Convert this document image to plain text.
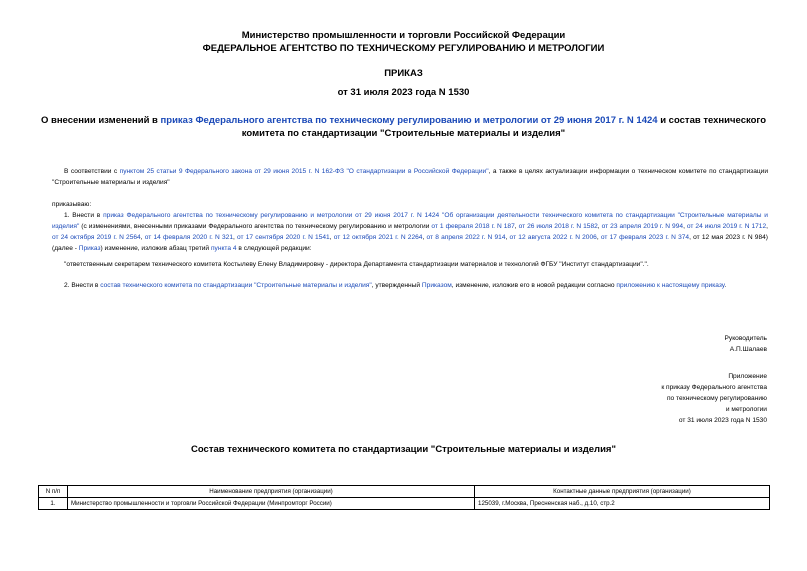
Министерство промышленности и торговли Российской Федерации
ФЕДЕРАЛЬНОЕ АГЕНТСТВО ПО ТЕХНИЧЕСКОМУ РЕГУЛИРОВАНИЮ И МЕТРОЛОГИИ
ПРИКАЗ
от 31 июля 2023 года N 1530
О внесении изменений в приказ Федерального агентства по техническому регулированию и метрологии от 29 июня 2017 г. N 1424 и состав технического комитета по стандартизации "Строительные материалы и изделия"
В соответствии с пунктом 25 статьи 9 Федерального закона от 29 июня 2015 г. N 162-ФЗ "О стандартизации в Российской Федерации", а также в целях актуализации информации о техническом комитете по стандартизации "Строительные материалы и изделия"
приказываю:
1. Внести в приказ Федерального агентства по техническому регулированию и метрологии от 29 июня 2017 г. N 1424 "Об организации деятельности технического комитета по стандартизации "Строительные материалы и изделия" (с изменениями, внесенными приказами Федерального агентства по техническому регулированию и метрологии от 1 февраля 2018 г. N 187, от 26 июля 2018 г. N 1582, от 23 апреля 2019 г. N 994, от 24 июля 2019 г. N 1712, от 24 октября 2019 г. N 2564, от 14 февраля 2020 г. N 321, от 17 сентября 2020 г. N 1541, от 12 октября 2021 г. N 2264, от 8 апреля 2022 г. N 914, от 12 августа 2022 г. N 2006, от 17 февраля 2023 г. N 374, от 12 мая 2023 г. N 984) (далее - Приказ) изменение, изложив абзац третий пункта 4 в следующей редакции:
"ответственным секретарем технического комитета Костылеву Елену Владимировну - директора Департамента стандартизации материалов и технологий ФГБУ "Институт стандартизации".".
2. Внести в состав технического комитета по стандартизации "Строительные материалы и изделия", утвержденный Приказом, изменение, изложив его в новой редакции согласно приложению к настоящему приказу.
Руководитель
А.П.Шалаев
Приложение
к приказу Федерального агентства
по техническому регулированию
и метрологии
от 31 июля 2023 года N 1530
Состав технического комитета по стандартизации "Строительные материалы и изделия"
N п/п	Наименование предприятия (организации)	Контактные данные предприятия (организации)
1.	Министерство промышленности и торговли Российской Федерации (Минпромторг России)	125039, г.Москва, Пресненская наб., д.10, стр.2
